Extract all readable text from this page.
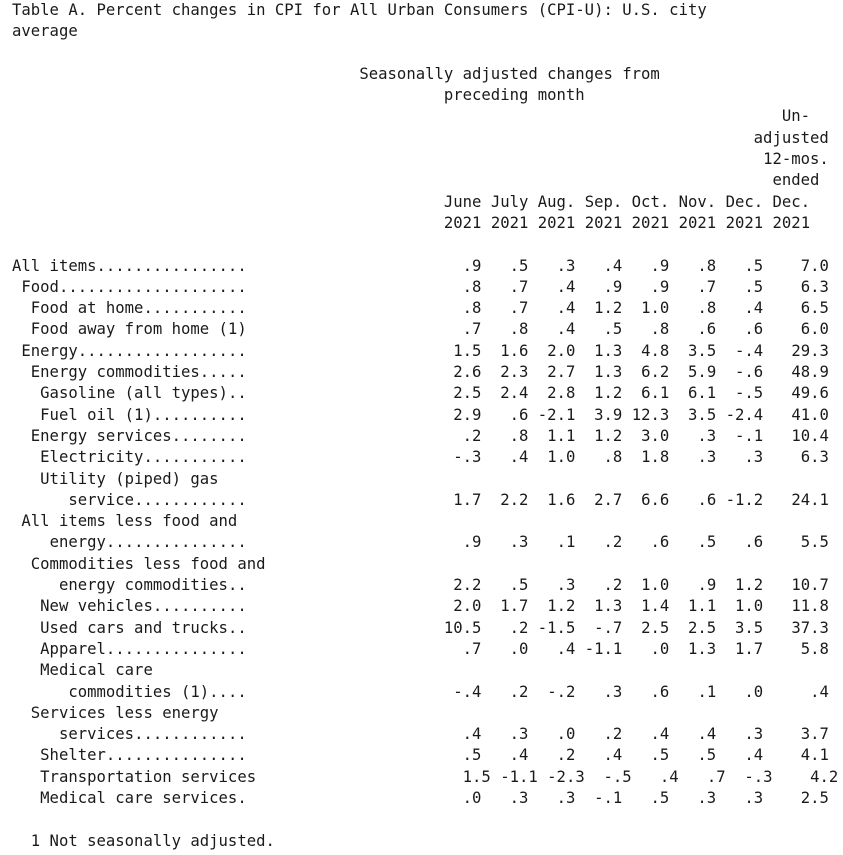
Table A. Percent changes in CPI for All Urban Consumers (CPI-U): U.S. city
average

Seasonally adjusted changes from
preceding month
Un-
adjusted
12-mos.
ended
June July Aug. Sep. Oct. Nov. Dec. Dec.
2021 2021 2021 2021 2021 2021 2021 2021

All items................	.9 .5 .3 .4 .9 .8 .5 7.0
Food....................	.8 .7 .4 .9 .9 .7 .5 6.3
Food at home...........	.8 .7 .4 1.2 1.0 .8 .4 6.5
Food away from home (1)	.7 .8 .4 .5 .8 .6 .6 6.0
Energy..................	1.5 1.6 2.0 1.3 4.8 3.5 -.4 29.3
Energy commodities.....	2.6 2.3 2.7 1.3 6.2 5.9 -.6 48.9
Gasoline (all types)..	2.5 2.4 2.8 1.2 6.1 6.1 -.5 49.6
Fuel oil (1)..........	2.9 .6 -2.1 3.9 12.3 3.5 -2.4 41.0
Energy services........	.2 .8 1.1 1.2 3.0 .3 -.1 10.4
Electricity...........	-.3 .4 1.0 .8 1.8 .3 .3 6.3
Utility (piped) gas
service............	1.7 2.2 1.6 2.7 6.6 .6 -1.2 24.1
All items less food and
energy...............	.9 .3 .1 .2 .6 .5 .6 5.5
Commodities less food and
energy commodities..	2.2 .5 .3 .2 1.0 .9 1.2 10.7
New vehicles..........	2.0 1.7 1.2 1.3 1.4 1.1 1.0 11.8
Used cars and trucks..	10.5 .2 -1.5 -.7 2.5 2.5 3.5 37.3
Apparel...............	.7 .0 .4 -1.1 .0 1.3 1.7 5.8
Medical care
commodities (1)....	-.4 .2 -.2 .3 .6 .1 .0	.4
Services less energy
services............	.4 .3 .0 .2 .4 .4 .3 3.7
Shelter...............	.5 .4 .2 .4 .5 .5 .4 4.1
Transportation services	1.5 -1.1 -2.3 -.5 .4 .7 -.3 4.2
Medical care services.	.0 .3 .3 -.1 .5 .3 .3 2.5

1 Not seasonally adjusted.
